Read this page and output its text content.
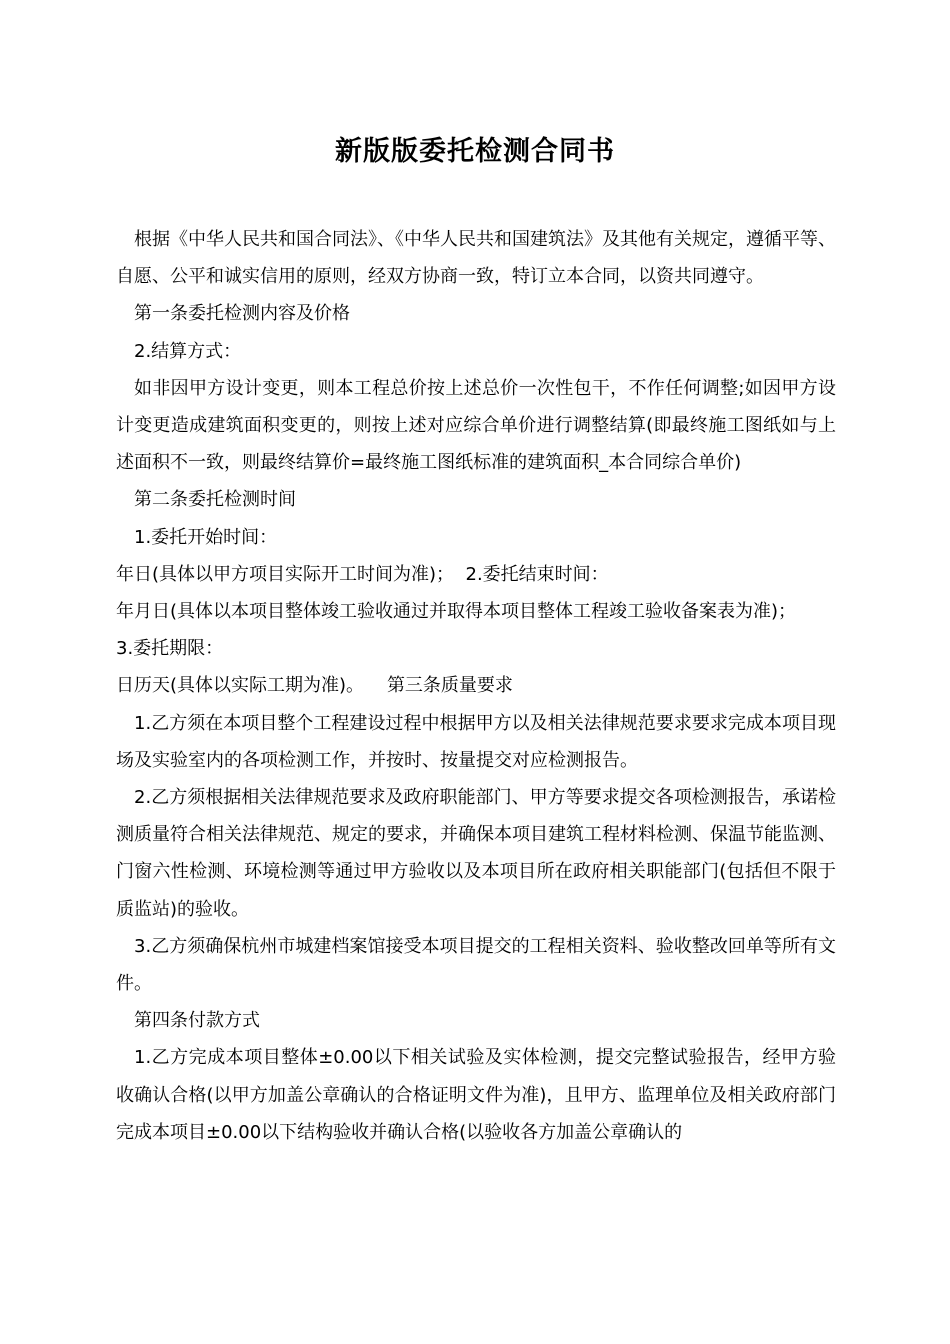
新版版委托检测合同书

根据《中华人民共和国合同法》、《中华人民共和国建筑法》及其他有关规定，遵循平等、自愿、公平和诚实信用的原则，经双方协商一致，特订立本合同，以资共同遵守。

第一条委托检测内容及价格

2.结算方式：

如非因甲方设计变更，则本工程总价按上述总价一次性包干，不作任何调整;如因甲方设计变更造成建筑面积变更的，则按上述对应综合单价进行调整结算(即最终施工图纸如与上述面积不一致，则最终结算价=最终施工图纸标准的建筑面积_本合同综合单价)

第二条委托检测时间

1.委托开始时间：

年日(具体以甲方项目实际开工时间为准)； 2.委托结束时间：

年月日(具体以本项目整体竣工验收通过并取得本项目整体工程竣工验收备案表为准)；

3.委托期限：

日历天(具体以实际工期为准)。 第三条质量要求

1.乙方须在本项目整个工程建设过程中根据甲方以及相关法律规范要求要求完成本项目现场及实验室内的各项检测工作，并按时、按量提交对应检测报告。

2.乙方须根据相关法律规范要求及政府职能部门、甲方等要求提交各项检测报告，承诺检测质量符合相关法律规范、规定的要求，并确保本项目建筑工程材料检测、保温节能监测、门窗六性检测、环境检测等通过甲方验收以及本项目所在政府相关职能部门(包括但不限于质监站)的验收。

3.乙方须确保杭州市城建档案馆接受本项目提交的工程相关资料、验收整改回单等所有文件。

第四条付款方式

1.乙方完成本项目整体±0.00以下相关试验及实体检测，提交完整试验报告，经甲方验收确认合格(以甲方加盖公章确认的合格证明文件为准)，且甲方、监理单位及相关政府部门完成本项目±0.00以下结构验收并确认合格(以验收各方加盖公章确认的
